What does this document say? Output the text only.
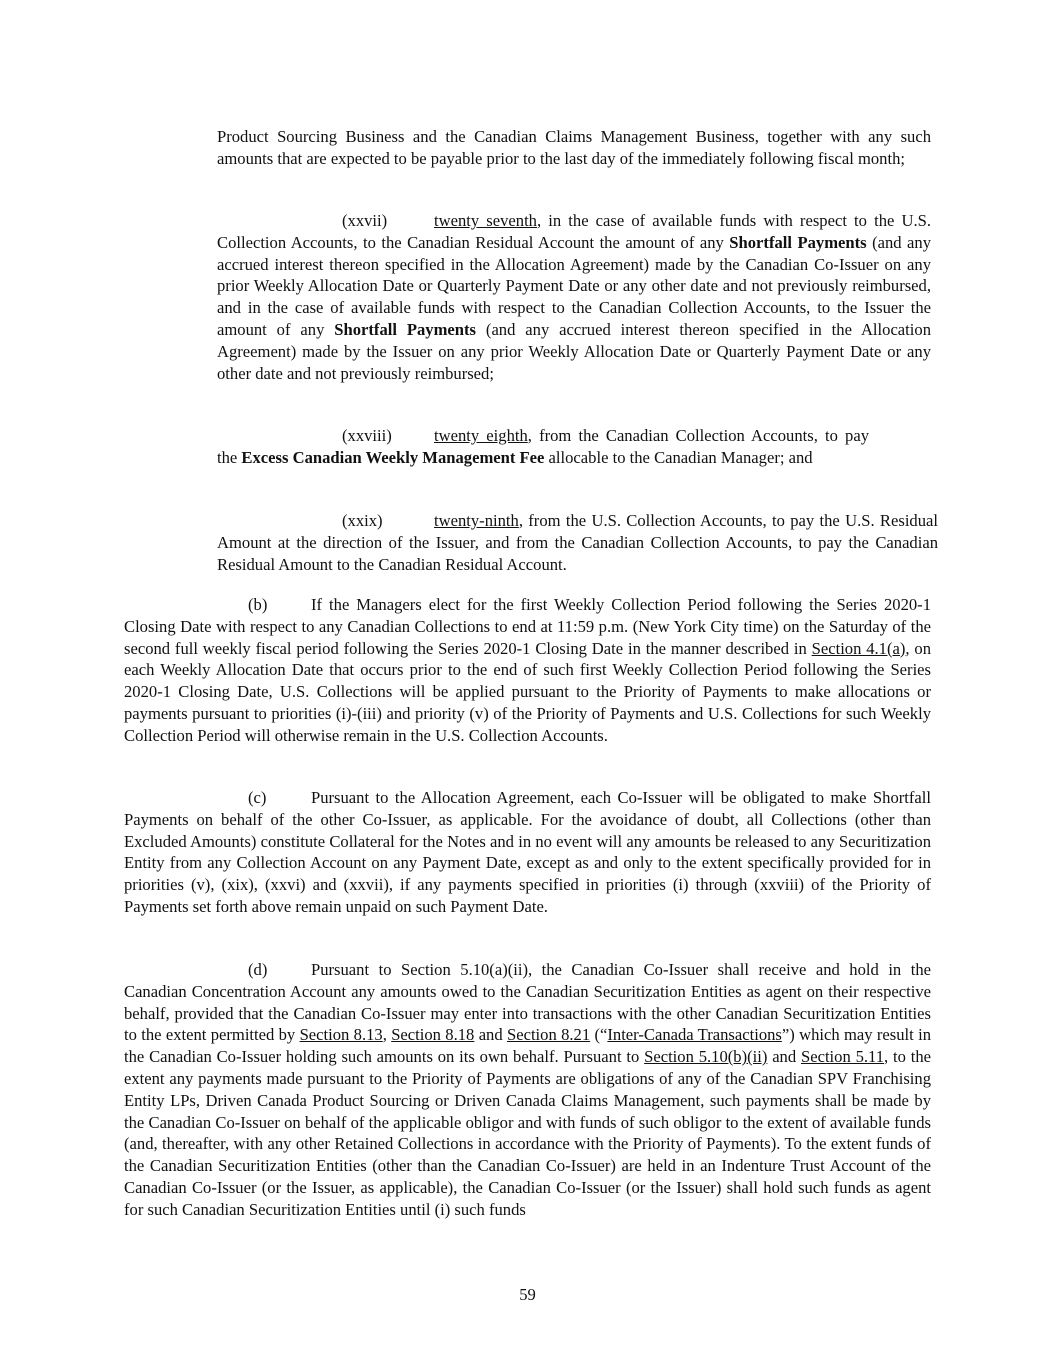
Product Sourcing Business and the Canadian Claims Management Business, together with any such amounts that are expected to be payable prior to the last day of the immediately following fiscal month;

(xxvii)	twenty seventh, in the case of available funds with respect to the U.S. Collection Accounts, to the Canadian Residual Account the amount of any Shortfall Payments (and any accrued interest thereon specified in the Allocation Agreement) made by the Canadian Co-Issuer on any prior Weekly Allocation Date or Quarterly Payment Date or any other date and not previously reimbursed, and in the case of available funds with respect to the Canadian Collection Accounts, to the Issuer the amount of any Shortfall Payments (and any accrued interest thereon specified in the Allocation Agreement) made by the Issuer on any prior Weekly Allocation Date or Quarterly Payment Date or any other date and not previously reimbursed;
(xxviii)	twenty eighth, from the Canadian Collection Accounts, to pay the Excess Canadian Weekly Management Fee allocable to the Canadian Manager; and
(xxix)	twenty-ninth, from the U.S. Collection Accounts, to pay the U.S. Residual Amount at the direction of the Issuer, and from the Canadian Collection Accounts, to pay the Canadian Residual Amount to the Canadian Residual Account.
(b)	If the Managers elect for the first Weekly Collection Period following the Series 2020-1 Closing Date with respect to any Canadian Collections to end at 11:59 p.m. (New York City time) on the Saturday of the second full weekly fiscal period following the Series 2020-1 Closing Date in the manner described in Section 4.1(a), on each Weekly Allocation Date that occurs prior to the end of such first Weekly Collection Period following the Series 2020-1 Closing Date, U.S. Collections will be applied pursuant to the Priority of Payments to make allocations or payments pursuant to priorities (i)-(iii) and priority (v) of the Priority of Payments and U.S. Collections for such Weekly Collection Period will otherwise remain in the U.S. Collection Accounts.
(c)	Pursuant to the Allocation Agreement, each Co-Issuer will be obligated to make Shortfall Payments on behalf of the other Co-Issuer, as applicable. For the avoidance of doubt, all Collections (other than Excluded Amounts) constitute Collateral for the Notes and in no event will any amounts be released to any Securitization Entity from any Collection Account on any Payment Date, except as and only to the extent specifically provided for in priorities (v), (xix), (xxvi) and (xxvii), if any payments specified in priorities (i) through (xxviii) of the Priority of Payments set forth above remain unpaid on such Payment Date.
(d)	Pursuant to Section 5.10(a)(ii), the Canadian Co-Issuer shall receive and hold in the Canadian Concentration Account any amounts owed to the Canadian Securitization Entities as agent on their respective behalf, provided that the Canadian Co-Issuer may enter into transactions with the other Canadian Securitization Entities to the extent permitted by Section 8.13, Section 8.18 and Section 8.21 (“Inter-Canada Transactions”) which may result in the Canadian Co-Issuer holding such amounts on its own behalf. Pursuant to Section 5.10(b)(ii) and Section 5.11, to the extent any payments made pursuant to the Priority of Payments are obligations of any of the Canadian SPV Franchising Entity LPs, Driven Canada Product Sourcing or Driven Canada Claims Management, such payments shall be made by the Canadian Co-Issuer on behalf of the applicable obligor and with funds of such obligor to the extent of available funds (and, thereafter, with any other Retained Collections in accordance with the Priority of Payments). To the extent funds of the Canadian Securitization Entities (other than the Canadian Co-Issuer) are held in an Indenture Trust Account of the Canadian Co-Issuer (or the Issuer, as applicable), the Canadian Co-Issuer (or the Issuer) shall hold such funds as agent for such Canadian Securitization Entities until (i) such funds
59
